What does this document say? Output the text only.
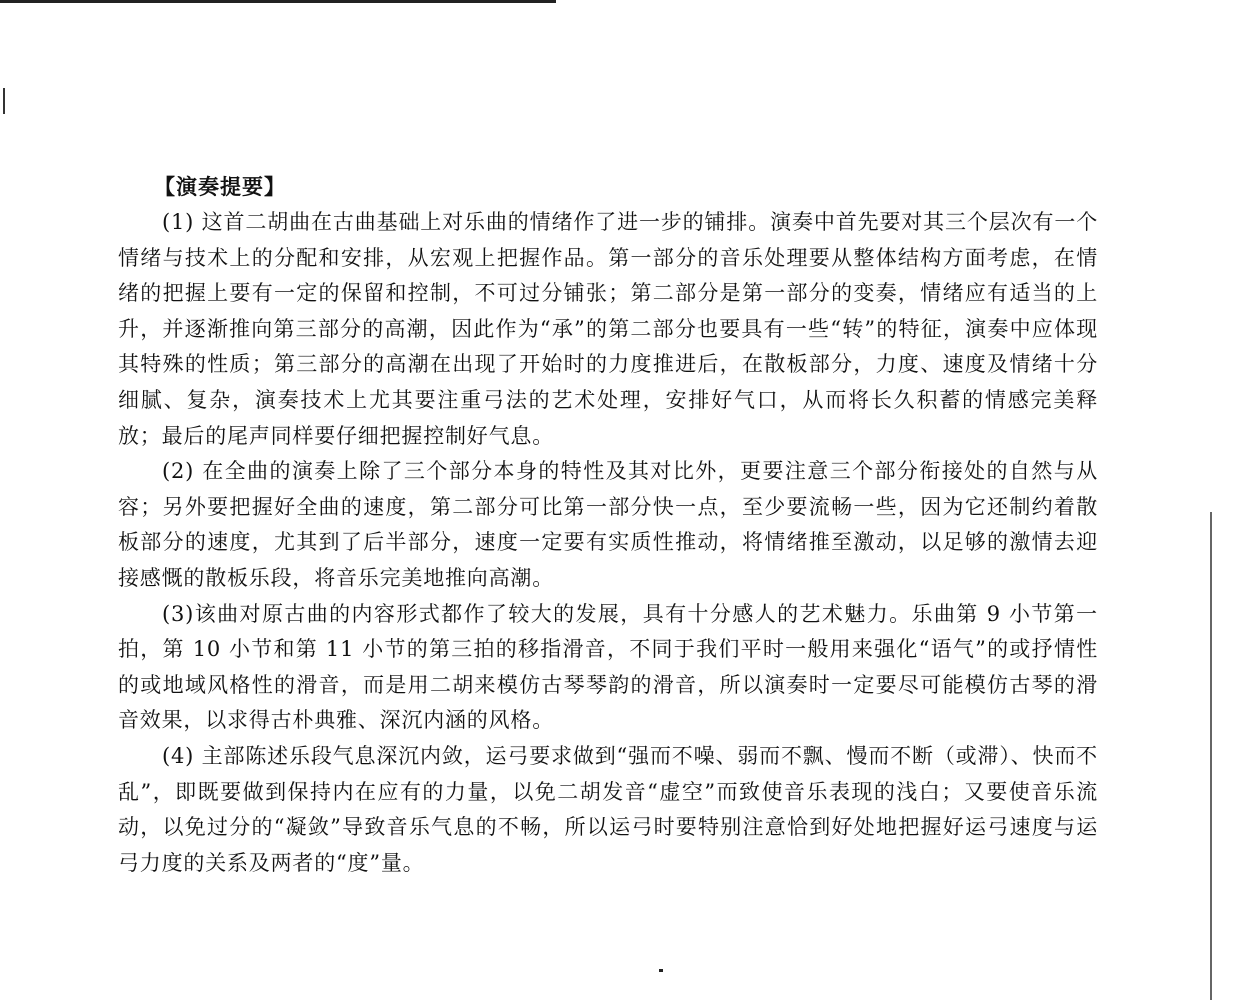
【演奏提要】

(1) 这首二胡曲在古曲基础上对乐曲的情绪作了进一步的铺排。演奏中首先要对其三个层次有一个情绪与技术上的分配和安排，从宏观上把握作品。第一部分的音乐处理要从整体结构方面考虑，在情绪的把握上要有一定的保留和控制，不可过分铺张；第二部分是第一部分的变奏，情绪应有适当的上升，并逐渐推向第三部分的高潮，因此作为“承”的第二部分也要具有一些“转”的特征，演奏中应体现其特殊的性质；第三部分的高潮在出现了开始时的力度推进后，在散板部分，力度、速度及情绪十分细腻、复杂，演奏技术上尤其要注重弓法的艺术处理，安排好气口，从而将长久积蓄的情感完美释放；最后的尾声同样要仔细把握控制好气息。

(2) 在全曲的演奏上除了三个部分本身的特性及其对比外，更要注意三个部分衔接处的自然与从容；另外要把握好全曲的速度，第二部分可比第一部分快一点，至少要流畅一些，因为它还制约着散板部分的速度，尤其到了后半部分，速度一定要有实质性推动，将情绪推至激动，以足够的激情去迎接感慨的散板乐段，将音乐完美地推向高潮。

(3)该曲对原古曲的内容形式都作了较大的发展，具有十分感人的艺术魅力。乐曲第 9 小节第一拍，第 10 小节和第 11 小节的第三拍的移指滑音，不同于我们平时一般用来强化“语气”的或抒情性的或地域风格性的滑音，而是用二胡来模仿古琴琴韵的滑音，所以演奏时一定要尽可能模仿古琴的滑音效果，以求得古朴典雅、深沉内涵的风格。

(4) 主部陈述乐段气息深沉内敛，运弓要求做到“强而不噪、弱而不飘、慢而不断（或滞）、快而不乱”，即既要做到保持内在应有的力量，以免二胡发音“虚空”而致使音乐表现的浅白；又要使音乐流动，以免过分的“凝敛”导致音乐气息的不畅，所以运弓时要特别注意恰到好处地把握好运弓速度与运弓力度的关系及两者的“度”量。
